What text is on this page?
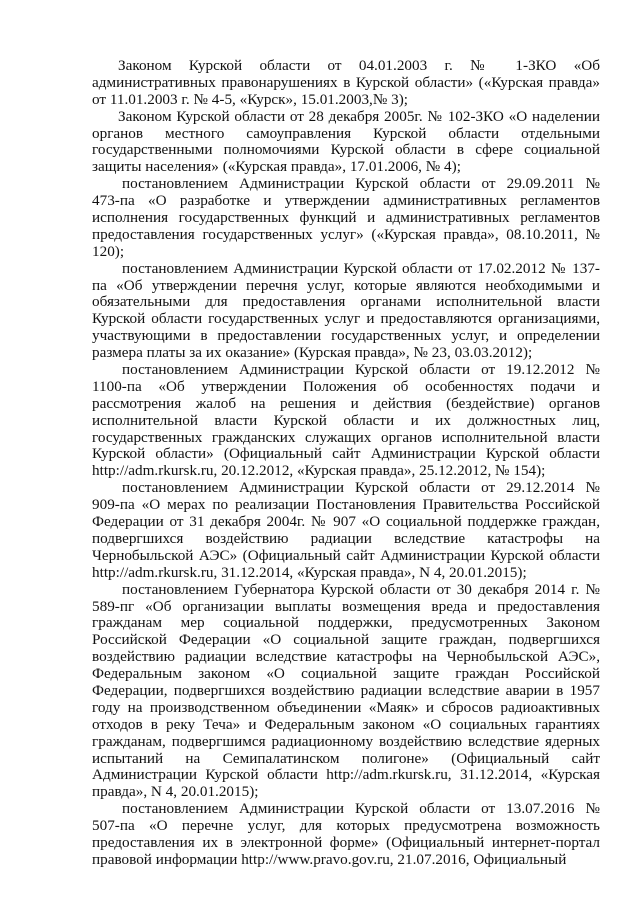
Законом Курской области от 04.01.2003 г. № 1-ЗКО «Об
административных правонарушениях в Курской области» («Курская правда»
от 11.01.2003 г. № 4-5, «Курск», 15.01.2003,№ 3);
Законом Курской области от 28 декабря 2005г. № 102-ЗКО «О наделении
органов местного самоуправления Курской области отдельными
государственными полномочиями Курской области в сфере социальной
защиты населения» («Курская правда», 17.01.2006, № 4);
постановлением Администрации Курской области от 29.09.2011 №
473-па «О разработке и утверждении административных регламентов
исполнения государственных функций и административных регламентов
предоставления государственных услуг» («Курская правда», 08.10.2011, №
120);
постановлением Администрации Курской области от 17.02.2012 № 137-
па «Об утверждении перечня услуг, которые являются необходимыми и
обязательными для предоставления органами исполнительной власти
Курской области государственных услуг и предоставляются организациями,
участвующими в предоставлении государственных услуг, и определении
размера платы за их оказание» (Курская правда», № 23, 03.03.2012);
постановлением Администрации Курской области от 19.12.2012 №
1100-па «Об утверждении Положения об особенностях подачи и
рассмотрения жалоб на решения и действия (бездействие) органов
исполнительной власти Курской области и их должностных лиц,
государственных гражданских служащих органов исполнительной власти
Курской области» (Официальный сайт Администрации Курской области
http://adm.rkursk.ru, 20.12.2012, «Курская правда», 25.12.2012, № 154);
постановлением Администрации Курской области от 29.12.2014 №
909-па «О мерах по реализации Постановления Правительства Российской
Федерации от 31 декабря 2004г. № 907 «О социальной поддержке граждан,
подвергшихся воздействию радиации вследствие катастрофы на
Чернобыльской АЭС» (Официальный сайт Администрации Курской области
http://adm.rkursk.ru, 31.12.2014, «Курская правда», N 4, 20.01.2015);
постановлением Губернатора Курской области от 30 декабря 2014 г. №
589-пг «Об организации выплаты возмещения вреда и предоставления
гражданам мер социальной поддержки, предусмотренных Законом
Российской Федерации «О социальной защите граждан, подвергшихся
воздействию радиации вследствие катастрофы на Чернобыльской АЭС»,
Федеральным законом «О социальной защите граждан Российской
Федерации, подвергшихся воздействию радиации вследствие аварии в 1957
году на производственном объединении «Маяк» и сбросов радиоактивных
отходов в реку Теча» и Федеральным законом «О социальных гарантиях
гражданам, подвергшимся радиационному воздействию вследствие ядерных
испытаний на Семипалатинском полигоне» (Официальный сайт
Администрации Курской области http://adm.rkursk.ru, 31.12.2014, «Курская
правда», N 4, 20.01.2015);
постановлением Администрации Курской области от 13.07.2016 №
507-па «О перечне услуг, для которых предусмотрена возможность
предоставления их в электронной форме» (Официальный интернет-портал
правовой информации http://www.pravo.gov.ru, 21.07.2016, Официальный
